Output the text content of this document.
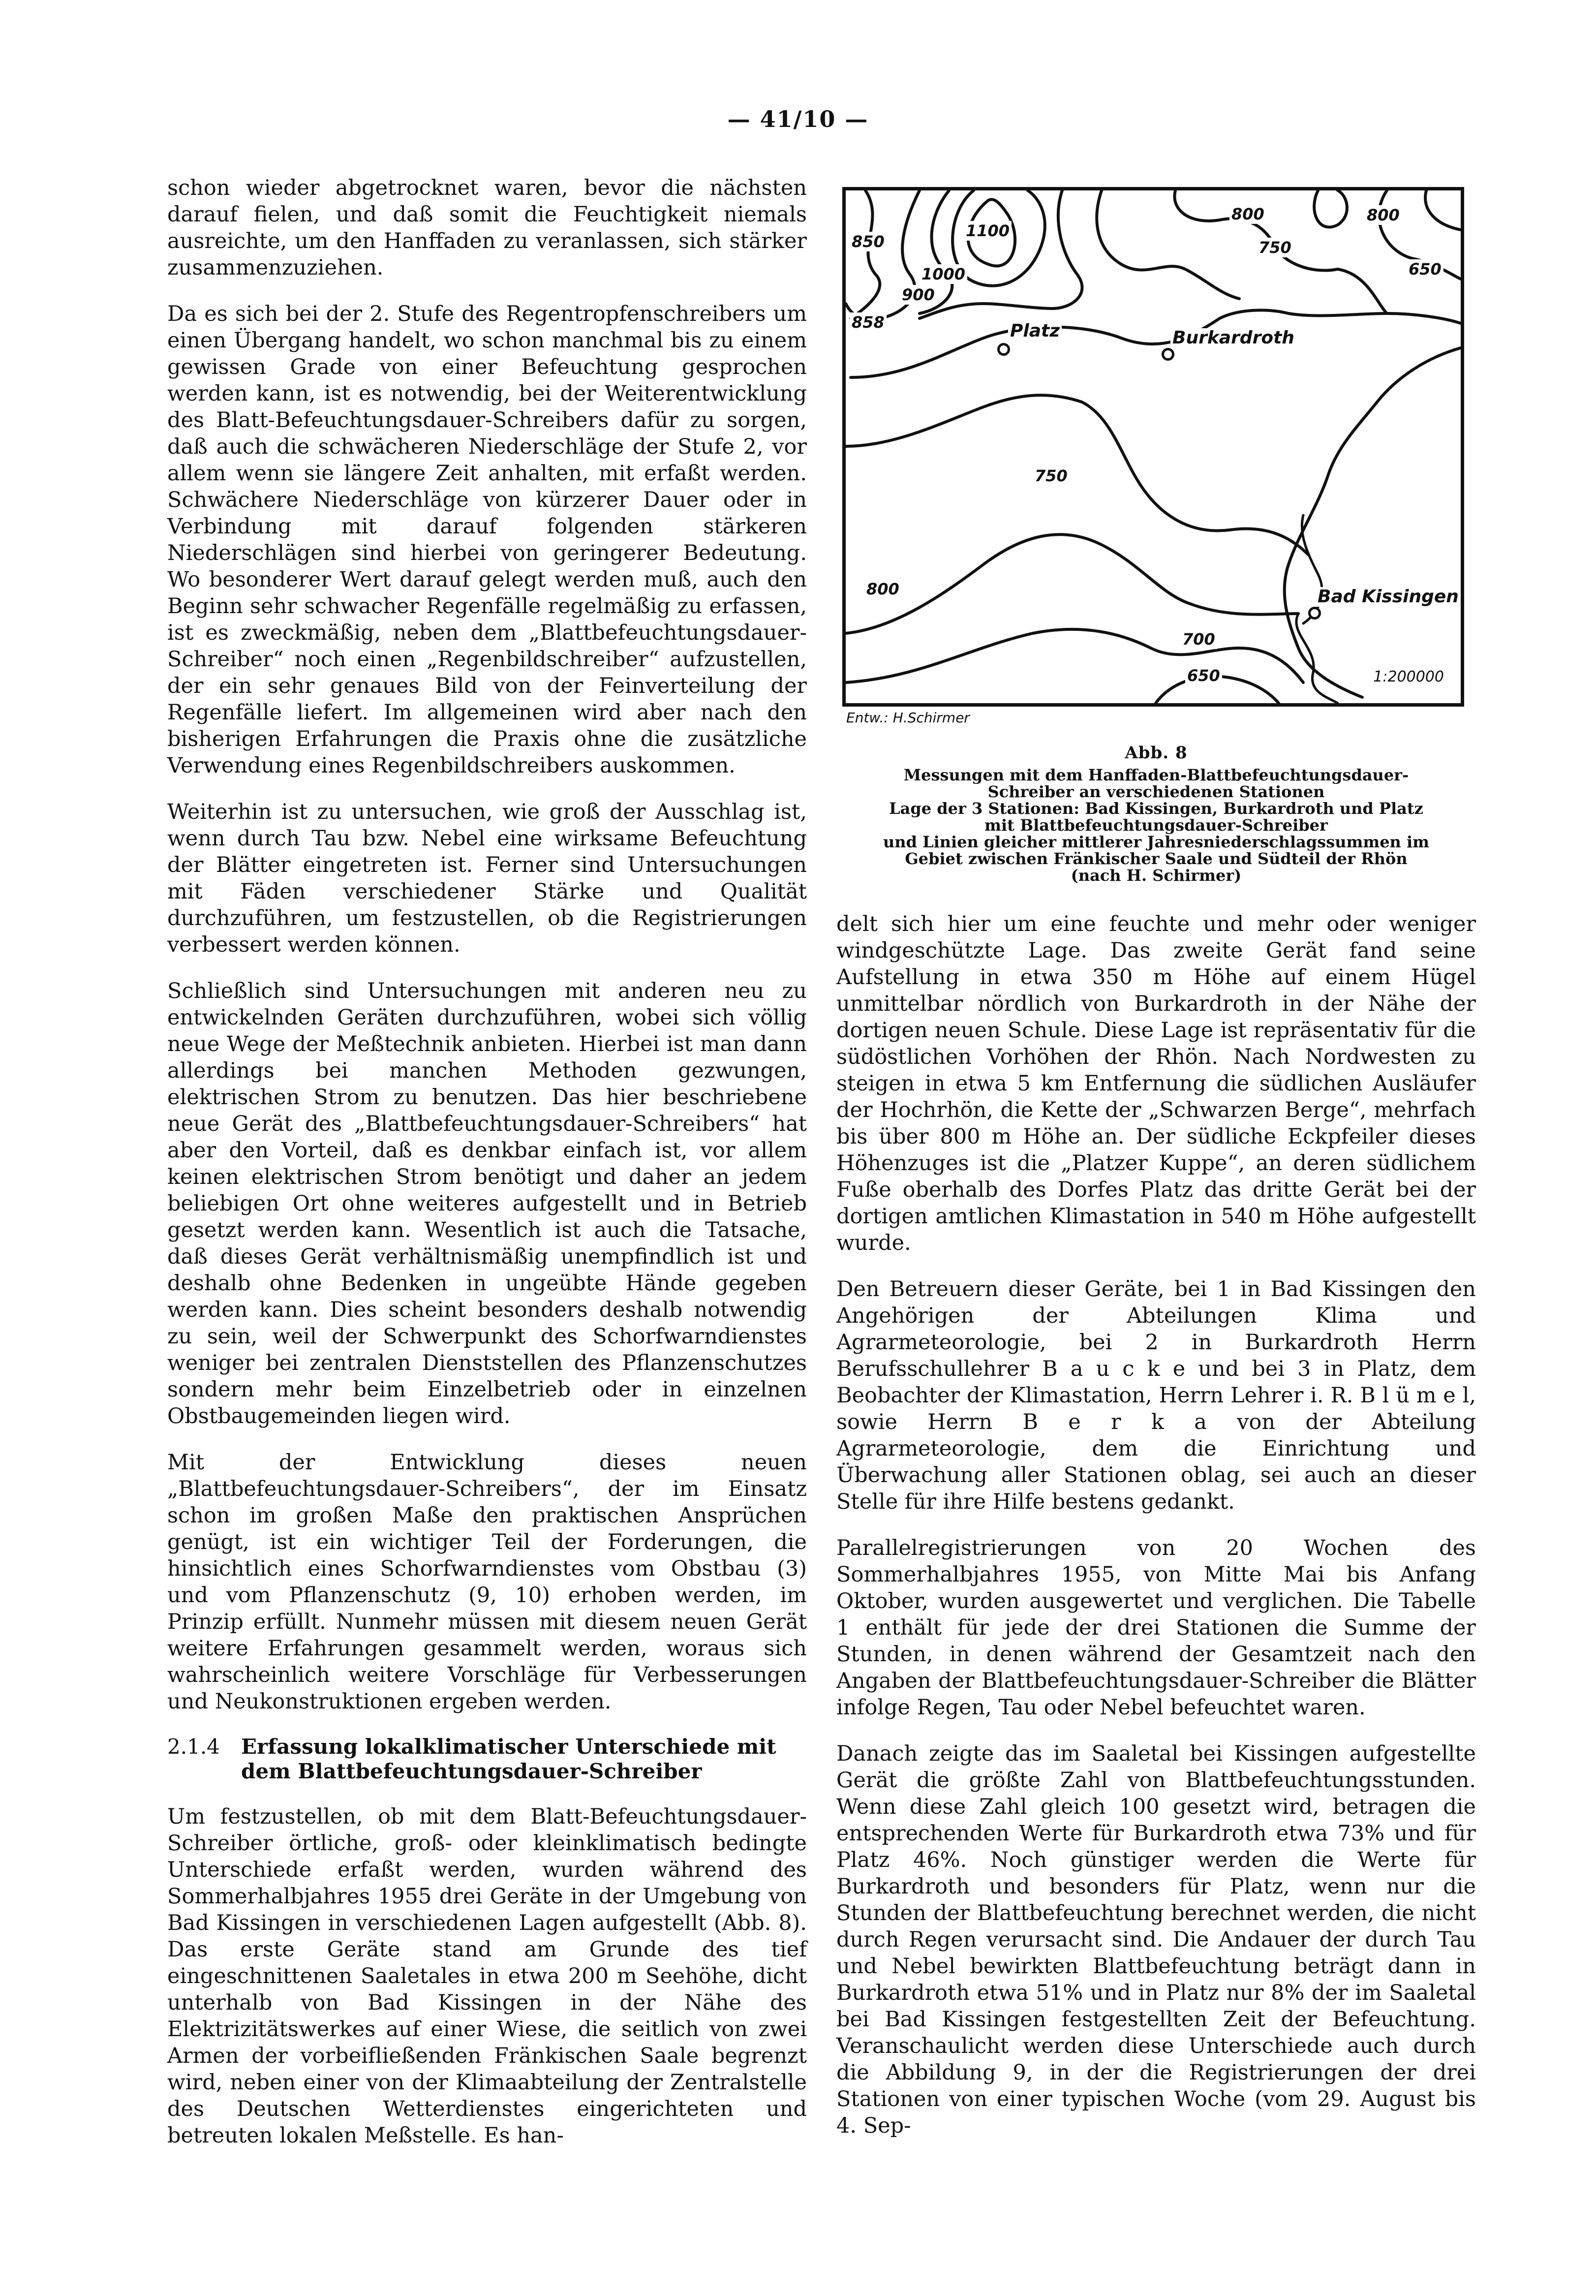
— 41/10 —

schon wieder abgetrocknet waren, bevor die nächsten darauf fielen, und daß somit die Feuchtigkeit niemals ausreichte, um den Hanffaden zu veranlassen, sich stärker zusammenzuziehen.

Da es sich bei der 2. Stufe des Regentropfenschreibers um einen Übergang handelt, wo schon manchmal bis zu einem gewissen Grade von einer Befeuchtung gesprochen werden kann, ist es notwendig, bei der Weiterentwicklung des Blatt-Befeuchtungsdauer-Schreibers dafür zu sorgen, daß auch die schwächeren Niederschläge der Stufe 2, vor allem wenn sie längere Zeit anhalten, mit erfaßt werden. Schwächere Niederschläge von kürzerer Dauer oder in Verbindung mit darauf folgenden stärkeren Niederschlägen sind hierbei von geringerer Bedeutung. Wo besonderer Wert darauf gelegt werden muß, auch den Beginn sehr schwacher Regenfälle regelmäßig zu erfassen, ist es zweckmäßig, neben dem „Blattbefeuchtungsdauer-Schreiber“ noch einen „Regenbildschreiber“ aufzustellen, der ein sehr genaues Bild von der Feinverteilung der Regenfälle liefert. Im allgemeinen wird aber nach den bisherigen Erfahrungen die Praxis ohne die zusätzliche Verwendung eines Regenbildschreibers auskommen.

Weiterhin ist zu untersuchen, wie groß der Ausschlag ist, wenn durch Tau bzw. Nebel eine wirksame Befeuchtung der Blätter eingetreten ist. Ferner sind Untersuchungen mit Fäden verschiedener Stärke und Qualität durchzuführen, um festzustellen, ob die Registrierungen verbessert werden können.

Schließlich sind Untersuchungen mit anderen neu zu entwickelnden Geräten durchzuführen, wobei sich völlig neue Wege der Meßtechnik anbieten. Hierbei ist man dann allerdings bei manchen Methoden gezwungen, elektrischen Strom zu benutzen. Das hier beschriebene neue Gerät des „Blattbefeuchtungsdauer-Schreibers“ hat aber den Vorteil, daß es denkbar einfach ist, vor allem keinen elektrischen Strom benötigt und daher an jedem beliebigen Ort ohne weiteres aufgestellt und in Betrieb gesetzt werden kann. Wesentlich ist auch die Tatsache, daß dieses Gerät verhältnismäßig unempfindlich ist und deshalb ohne Bedenken in ungeübte Hände gegeben werden kann. Dies scheint besonders deshalb notwendig zu sein, weil der Schwerpunkt des Schorfwarndienstes weniger bei zentralen Dienststellen des Pflanzenschutzes sondern mehr beim Einzelbetrieb oder in einzelnen Obstbaugemeinden liegen wird.

Mit der Entwicklung dieses neuen „Blattbefeuchtungsdauer-Schreibers“, der im Einsatz schon im großen Maße den praktischen Ansprüchen genügt, ist ein wichtiger Teil der Forderungen, die hinsichtlich eines Schorfwarndienstes vom Obstbau (3) und vom Pflanzenschutz (9, 10) erhoben werden, im Prinzip erfüllt. Nunmehr müssen mit diesem neuen Gerät weitere Erfahrungen gesammelt werden, woraus sich wahrscheinlich weitere Vorschläge für Verbesserungen und Neukonstruktionen ergeben werden.

2.1.4 Erfassung lokalklimatischer Unterschiede mit dem Blattbefeuchtungsdauer-Schreiber

Um festzustellen, ob mit dem Blatt-Befeuchtungsdauer-Schreiber örtliche, groß- oder kleinklimatisch bedingte Unterschiede erfaßt werden, wurden während des Sommerhalbjahres 1955 drei Geräte in der Umgebung von Bad Kissingen in verschiedenen Lagen aufgestellt (Abb. 8). Das erste Geräte stand am Grunde des tief eingeschnittenen Saaletales in etwa 200 m Seehöhe, dicht unterhalb von Bad Kissingen in der Nähe des Elektrizitätswerkes auf einer Wiese, die seitlich von zwei Armen der vorbeifließenden Fränkischen Saale begrenzt wird, neben einer von der Klimaabteilung der Zentralstelle des Deutschen Wetterdienstes eingerichteten und betreuten lokalen Meßstelle. Es han-

850
1100
1000
900
858
800	800
750
650
750
800
700
650
Platz	Burkardroth
Bad Kissingen
1:200000
Entw.: H.Schirmer

Abb. 8

Messungen mit dem Hanffaden-Blattbefeuchtungsdauer-
Schreiber an verschiedenen Stationen
Lage der 3 Stationen: Bad Kissingen, Burkardroth und Platz
mit Blattbefeuchtungsdauer-Schreiber
und Linien gleicher mittlerer Jahresniederschlagssummen im
Gebiet zwischen Fränkischer Saale und Südteil der Rhön
(nach H. Schirmer)

delt sich hier um eine feuchte und mehr oder weniger windgeschützte Lage. Das zweite Gerät fand seine Aufstellung in etwa 350 m Höhe auf einem Hügel unmittelbar nördlich von Burkardroth in der Nähe der dortigen neuen Schule. Diese Lage ist repräsentativ für die südöstlichen Vorhöhen der Rhön. Nach Nordwesten zu steigen in etwa 5 km Entfernung die südlichen Ausläufer der Hochrhön, die Kette der „Schwarzen Berge“, mehrfach bis über 800 m Höhe an. Der südliche Eckpfeiler dieses Höhenzuges ist die „Platzer Kuppe“, an deren südlichem Fuße oberhalb des Dorfes Platz das dritte Gerät bei der dortigen amtlichen Klimastation in 540 m Höhe aufgestellt wurde.

Den Betreuern dieser Geräte, bei 1 in Bad Kissingen den Angehörigen der Abteilungen Klima und Agrarmeteorologie, bei 2 in Burkardroth Herrn Berufsschullehrer B a u c k e und bei 3 in Platz, dem Beobachter der Klimastation, Herrn Lehrer i. R. B l ü m e l, sowie Herrn B e r k a von der Abteilung Agrarmeteorologie, dem die Einrichtung und Überwachung aller Stationen oblag, sei auch an dieser Stelle für ihre Hilfe bestens gedankt.

Parallelregistrierungen von 20 Wochen des Sommerhalbjahres 1955, von Mitte Mai bis Anfang Oktober, wurden ausgewertet und verglichen. Die Tabelle 1 enthält für jede der drei Stationen die Summe der Stunden, in denen während der Gesamtzeit nach den Angaben der Blattbefeuchtungsdauer-Schreiber die Blätter infolge Regen, Tau oder Nebel befeuchtet waren.

Danach zeigte das im Saaletal bei Kissingen aufgestellte Gerät die größte Zahl von Blattbefeuchtungsstunden. Wenn diese Zahl gleich 100 gesetzt wird, betragen die entsprechenden Werte für Burkardroth etwa 73% und für Platz 46%. Noch günstiger werden die Werte für Burkardroth und besonders für Platz, wenn nur die Stunden der Blattbefeuchtung berechnet werden, die nicht durch Regen verursacht sind. Die Andauer der durch Tau und Nebel bewirkten Blattbefeuchtung beträgt dann in Burkardroth etwa 51% und in Platz nur 8% der im Saaletal bei Bad Kissingen festgestellten Zeit der Befeuchtung. Veranschaulicht werden diese Unterschiede auch durch die Abbildung 9, in der die Registrierungen der drei Stationen von einer typischen Woche (vom 29. August bis 4. Sep-
